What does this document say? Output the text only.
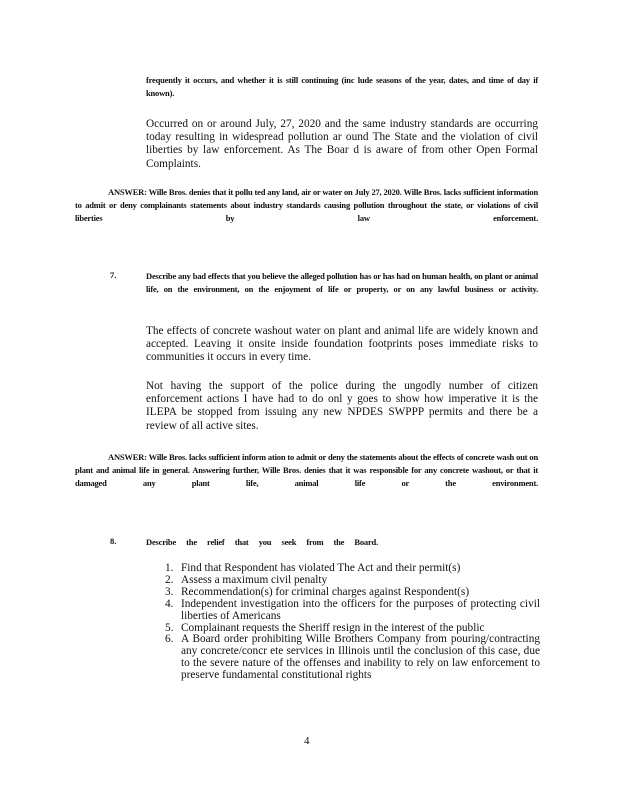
frequently it occurs, and whether it is still continuing (inc lude seasons of the year, dates, and time of day if known).
Occurred on or around July, 27, 2020 and the same industry standards are occurring today resulting in widespread pollution ar ound The State and the violation of civil liberties by law enforcement. As The Boar d is aware of from other Open Formal Complaints.
ANSWER: Wille Bros. denies that it pollu ted any land, air or water on July 27, 2020. Wille Bros. lacks sufficient information to admit or deny complainants statements about industry standards causing pollution throughout the state, or violations of civil liberties by law enforcement.
7.	Describe any bad effects that you believe the alleged pollution has or has had on human health, on plant or animal life, on the environment, on the enjoyment of life or property, or on any lawful business or activity.
The effects of concrete washout water on plant and animal life are widely known and accepted. Leaving it onsite inside foundation footprints poses immediate risks to communities it occurs in every time.
Not having the support of the police during the ungodly number of citizen enforcement actions I have had to do onl y goes to show how imperative it is the ILEPA be stopped from issuing any new NPDES SWPPP permits and there be a review of all active sites.
ANSWER: Wille Bros. lacks sufficient inform ation to admit or deny the statements about the effects of concrete wash out on plant and animal life in general. Answering further, Wille Bros. denies that it was responsible for any concrete washout, or that it damaged any plant life, animal life or the environment.
8.	Describe the relief that you seek from the Board.
1. Find that Respondent has violated The Act and their permit(s)
2. Assess a maximum civil penalty
3. Recommendation(s) for criminal charges against Respondent(s)
4. Independent investigation into the officers for the purposes of protecting civil liberties of Americans
5. Complainant requests the Sheriff resign in the interest of the public
6. A Board order prohibiting Wille Brothers Company from pouring/contracting any concrete/concr ete services in Illinois until the conclusion of this case, due to the severe nature of the offenses and inability to rely on law enforcement to preserve fundamental constitutional rights
4
